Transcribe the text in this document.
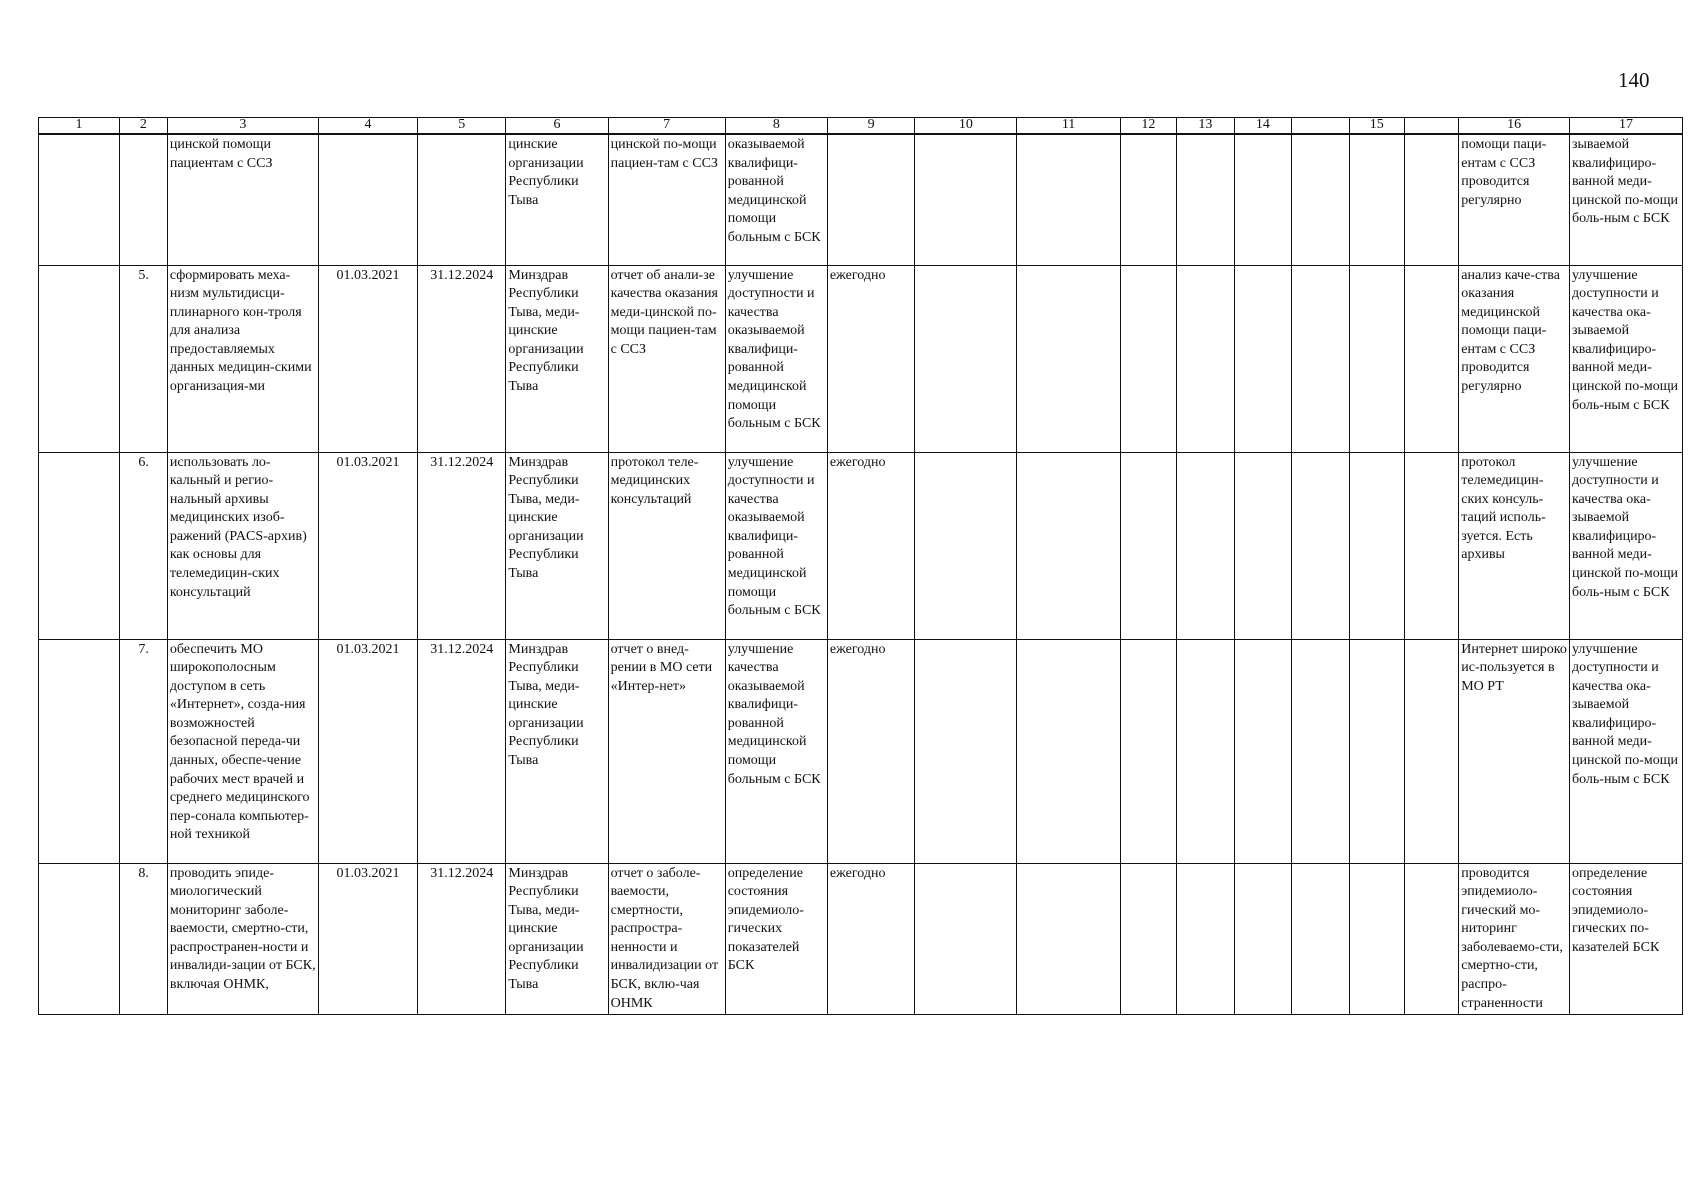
140
1	2	3	4	5	6	7	8	9	10	11	12	13	14		15		16	17
		цинской помощи пациентам с ССЗ			цинские организации Республики Тыва	цинской по-мощи пациен-там с ССЗ	оказываемой квалифици-рованной медицинской помощи больным с БСК										помощи паци-ентам с ССЗ проводится регулярно	зываемой квалифициро-ванной меди-цинской по-мощи боль-ным с БСК
	5.	сформировать меха-низм мультидисци-плинарного кон-троля для анализа предоставляемых данных медицин-скими организация-ми	01.03.2021	31.12.2024	Минздрав Республики Тыва, меди-цинские организации Республики Тыва	отчет об анали-зе качества оказания меди-цинской по-мощи пациен-там с ССЗ	улучшение доступности и качества оказываемой квалифици-рованной медицинской помощи больным с БСК	ежегодно									анализ каче-ства оказания медицинской помощи паци-ентам с ССЗ проводится регулярно	улучшение доступности и качества ока-зываемой квалифициро-ванной меди-цинской по-мощи боль-ным с БСК
	6.	использовать ло-кальный и регио-нальный архивы медицинских изоб-ражений (PACS-архив) как основы для телемедицин-ских консультаций	01.03.2021	31.12.2024	Минздрав Республики Тыва, меди-цинские организации Республики Тыва	протокол теле-медицинских консультаций	улучшение доступности и качества оказываемой квалифици-рованной медицинской помощи больным с БСК	ежегодно									протокол телемедицин-ских консуль-таций исполь-зуется. Есть архивы	улучшение доступности и качества ока-зываемой квалифициро-ванной меди-цинской по-мощи боль-ным с БСК
	7.	обеспечить МО широкополосным доступом в сеть «Интернет», созда-ния возможностей безопасной переда-чи данных, обеспе-чение рабочих мест врачей и среднего медицинского пер-сонала компьютер-ной техникой	01.03.2021	31.12.2024	Минздрав Республики Тыва, меди-цинские организации Республики Тыва	отчет о внед-рении в МО сети «Интер-нет»	улучшение качества оказываемой квалифици-рованной медицинской помощи больным с БСК	ежегодно									Интернет широко ис-пользуется в МО РТ	улучшение доступности и качества ока-зываемой квалифициро-ванной меди-цинской по-мощи боль-ным с БСК
	8.	проводить эпиде-миологический мониторинг заболе-ваемости, смертно-сти, распространен-ности и инвалиди-зации от БСК, включая ОНМК,	01.03.2021	31.12.2024	Минздрав Республики Тыва, меди-цинские организации Республики Тыва	отчет о заболе-ваемости, смертности, распростра-ненности и инвалидизации от БСК, вклю-чая ОНМК	определение состояния эпидемиоло-гических показателей БСК	ежегодно									проводится эпидемиоло-гический мо-ниторинг заболеваемо-сти, смертно-сти, распро-страненности	определение состояния эпидемиоло-гических по-казателей БСК
